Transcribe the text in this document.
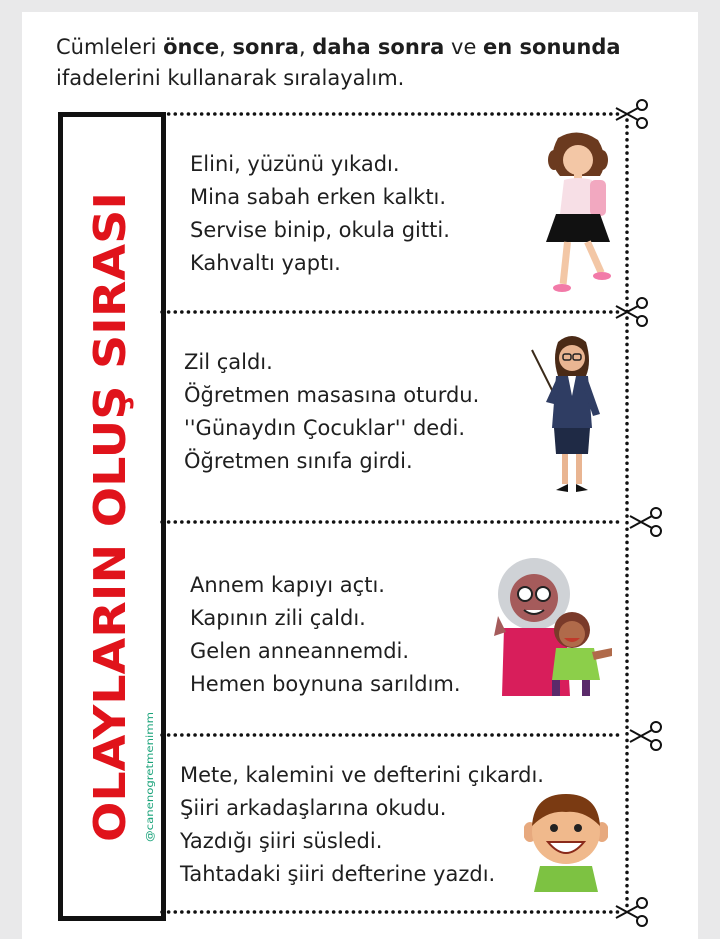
Cümleleri önce, sonra, daha sonra ve en sonunda
ifadelerini kullanarak sıralayalım.
OLAYLARIN OLUŞ SIRASI @canenogretmenimm
Elini, yüzünü yıkadı.
Mina sabah erken kalktı.
Servise binip, okula gitti.
Kahvaltı yaptı.
Zil çaldı.
Öğretmen masasına oturdu.
''Günaydın Çocuklar'' dedi.
Öğretmen sınıfa girdi.
Annem kapıyı açtı.
Kapının zili çaldı.
Gelen anneannemdi.
Hemen boynuna sarıldım.
Mete, kalemini ve defterini çıkardı.
Şiiri arkadaşlarına okudu.
Yazdığı şiiri süsledi.
Tahtadaki şiiri defterine yazdı.
